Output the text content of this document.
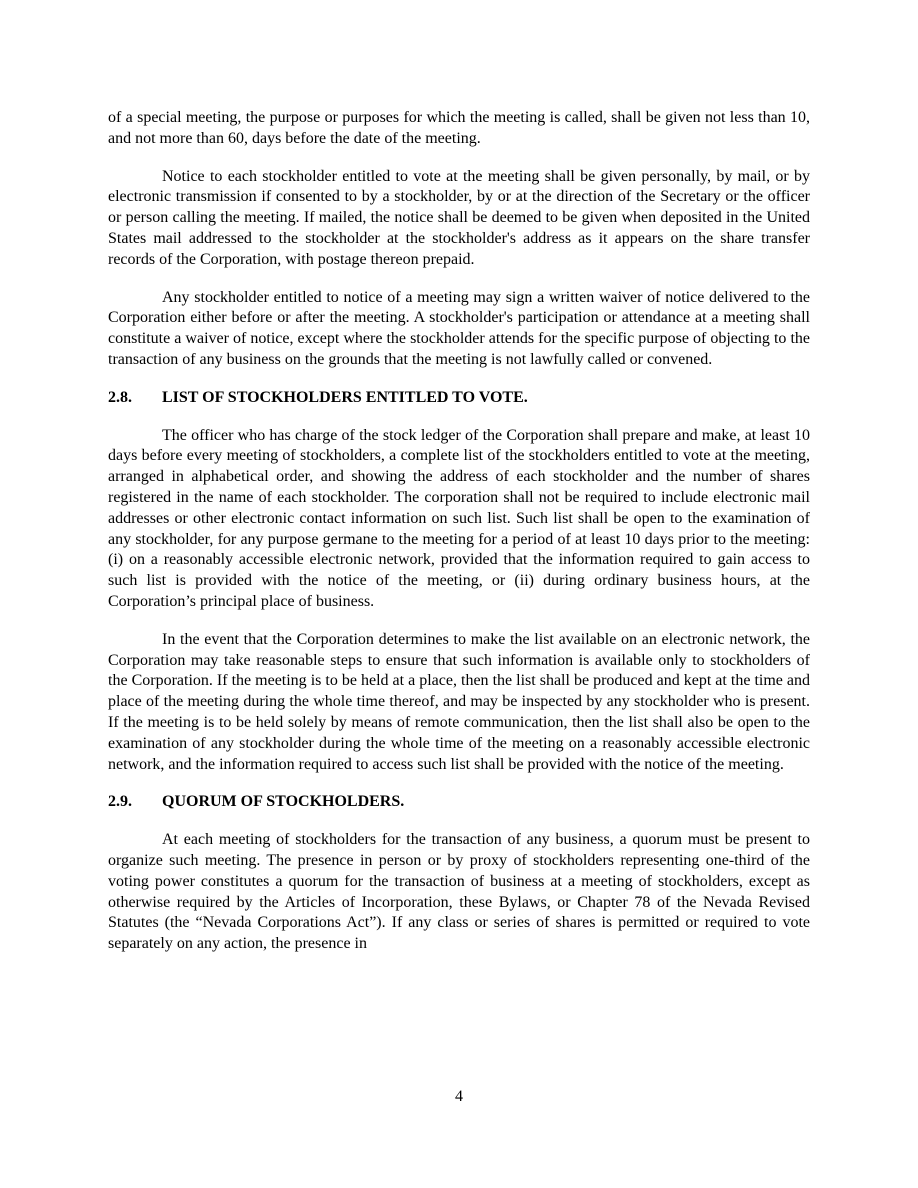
of a special meeting, the purpose or purposes for which the meeting is called, shall be given not less than 10, and not more than 60, days before the date of the meeting.

Notice to each stockholder entitled to vote at the meeting shall be given personally, by mail, or by electronic transmission if consented to by a stockholder, by or at the direction of the Secretary or the officer or person calling the meeting. If mailed, the notice shall be deemed to be given when deposited in the United States mail addressed to the stockholder at the stockholder's address as it appears on the share transfer records of the Corporation, with postage thereon prepaid.

Any stockholder entitled to notice of a meeting may sign a written waiver of notice delivered to the Corporation either before or after the meeting. A stockholder's participation or attendance at a meeting shall constitute a waiver of notice, except where the stockholder attends for the specific purpose of objecting to the transaction of any business on the grounds that the meeting is not lawfully called or convened.

2.8. LIST OF STOCKHOLDERS ENTITLED TO VOTE.

The officer who has charge of the stock ledger of the Corporation shall prepare and make, at least 10 days before every meeting of stockholders, a complete list of the stockholders entitled to vote at the meeting, arranged in alphabetical order, and showing the address of each stockholder and the number of shares registered in the name of each stockholder. The corporation shall not be required to include electronic mail addresses or other electronic contact information on such list. Such list shall be open to the examination of any stockholder, for any purpose germane to the meeting for a period of at least 10 days prior to the meeting: (i) on a reasonably accessible electronic network, provided that the information required to gain access to such list is provided with the notice of the meeting, or (ii) during ordinary business hours, at the Corporation’s principal place of business.

In the event that the Corporation determines to make the list available on an electronic network, the Corporation may take reasonable steps to ensure that such information is available only to stockholders of the Corporation. If the meeting is to be held at a place, then the list shall be produced and kept at the time and place of the meeting during the whole time thereof, and may be inspected by any stockholder who is present. If the meeting is to be held solely by means of remote communication, then the list shall also be open to the examination of any stockholder during the whole time of the meeting on a reasonably accessible electronic network, and the information required to access such list shall be provided with the notice of the meeting.

2.9. QUORUM OF STOCKHOLDERS.

At each meeting of stockholders for the transaction of any business, a quorum must be present to organize such meeting. The presence in person or by proxy of stockholders representing one-third of the voting power constitutes a quorum for the transaction of business at a meeting of stockholders, except as otherwise required by the Articles of Incorporation, these Bylaws, or Chapter 78 of the Nevada Revised Statutes (the “Nevada Corporations Act”). If any class or series of shares is permitted or required to vote separately on any action, the presence in

4
